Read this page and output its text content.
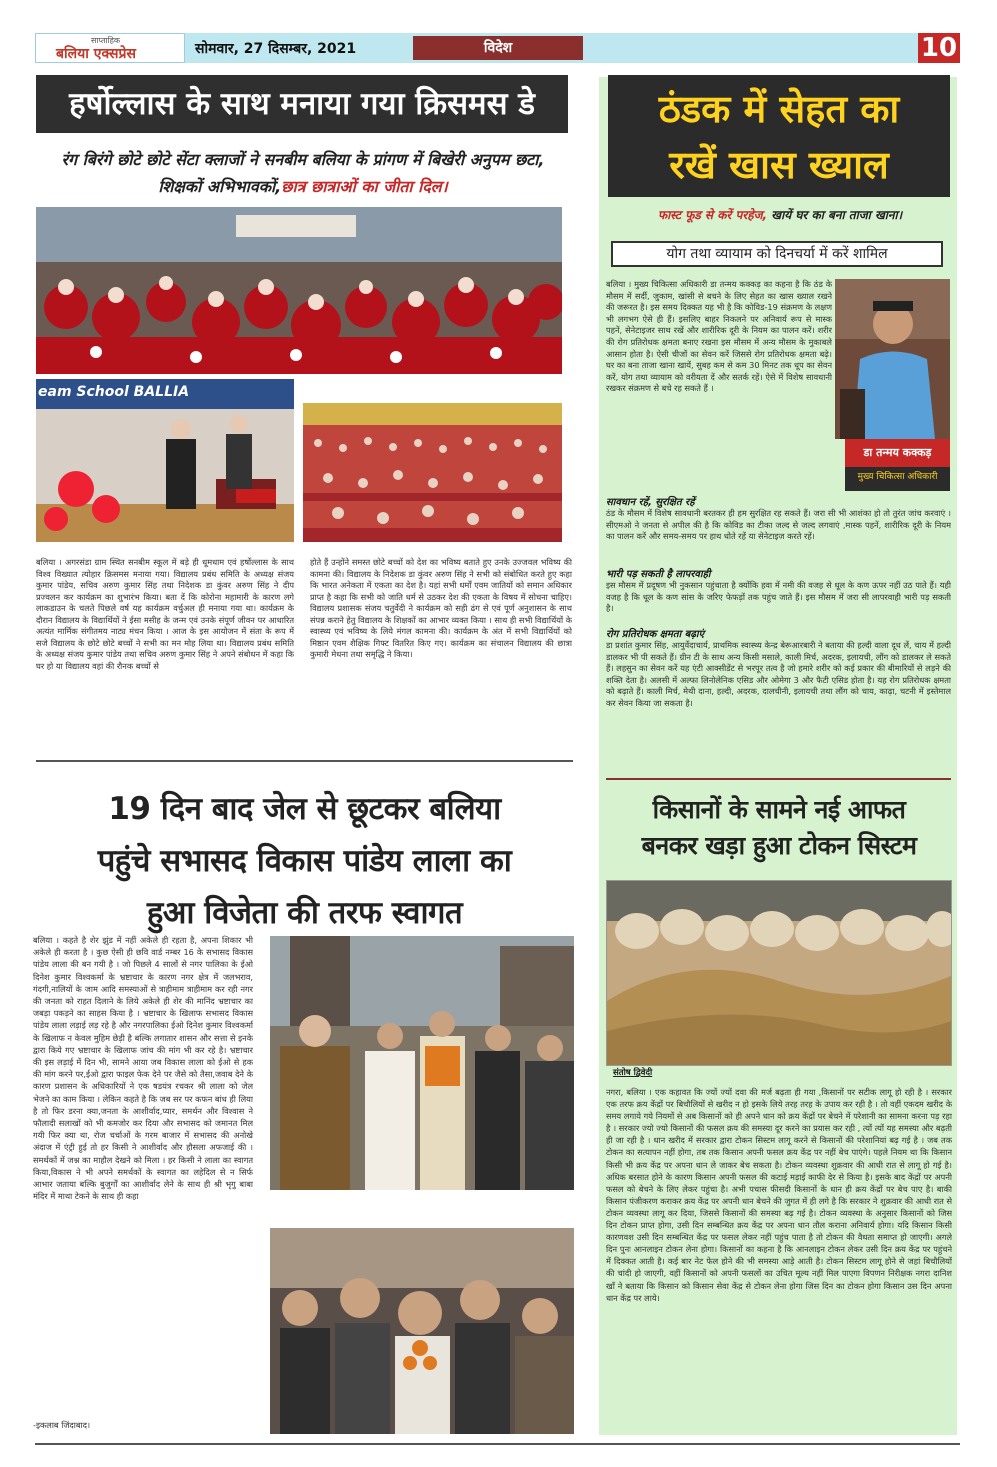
साप्ताहिक
बलिया एक्सप्रेस	सोमवार, 27 दिसम्बर, 2021	विदेश	10
हर्षोल्लास के साथ मनाया गया क्रिसमस डे
रंग बिरंगे छोटे छोटे सेंटा क्लाजों ने सनबीम बलिया के प्रांगण में बिखेरी अनुपम छटा, शिक्षकों अभिभावकों,छात्र छात्राओं का जीता दिल।
eam School BALLIA
बलिया । अगरसंडा ग्राम स्थित सनबीम स्कूल में बड़े ही धूमधाम एवं हर्षोल्लास के साथ विश्व विख्यात त्योहार क्रिसमस मनाया गया। विद्यालय प्रबंध समिति के अध्यक्ष संजय कुमार पांडेय, सचिव अरुण कुमार सिंह तथा निदेशक डा कुंवर अरुण सिंह ने दीप प्रज्वलन कर कार्यक्रम का शुभारंभ किया। बता दें कि कोरोना महामारी के कारण लगे लाकडाउन के चलते पिछले वर्ष यह कार्यक्रम वर्चुअल ही मनाया गया था। कार्यक्रम के दौरान विद्यालय के विद्यार्थियों ने ईसा मसीह के जन्म एवं उनके संपूर्ण जीवन पर आधारित अत्यंत मार्मिक संगीतमय नाट्य मंचन किया । आज के इस आयोजन में संता के रूप में सजे विद्यालय के छोटे छोटे बच्चों ने सभी का मन मोह लिया था। विद्यालय प्रबंध समिति के अध्यक्ष संजय कुमार पांडेय तथा सचिव अरुण कुमार सिंह ने अपने संबोधन में कहा कि घर हो या विद्यालय वहां की रौनक बच्चों से
होते हैं उन्होंने समस्त छोटे बच्चों को देश का भविष्य बताते हुए उनके उज्जवल भविष्य की कामना की। विद्यालय के निदेशक डा कुंवर अरुण सिंह ने सभी को संबोधित करते हुए कहा कि भारत अनेकता में एकता का देश है। यहां सभी धर्मों एवम जातियों को समान अधिकार प्राप्त है कहा कि सभी को जाति धर्म से उठकर देश की एकता के विषय में सोचना चाहिए। विद्यालय प्रशासक संजय चतुर्वेदी ने कार्यक्रम को सही ढंग से एवं पूर्ण अनुशासन के साथ संपन्न कराने हेतु विद्यालय के शिक्षकों का आभार व्यक्त किया । साथ ही सभी विद्यार्थियों के स्वास्थ्य एवं भविष्य के लिये मंगल कामना की। कार्यक्रम के अंत में सभी विद्यार्थियों को मिष्ठान एवम शैक्षिक गिफ्ट वितरित किए गए। कार्यक्रम का संचालन विद्यालय की छात्रा कुमारी मेधना तथा समृद्धि ने किया।
19 दिन बाद जेल से छूटकर बलिया
पहुंचे सभासद विकास पांडेय लाला का
हुआ विजेता की तरफ स्वागत
बलिया । कहते है शेर झुंड में नहीं अकेले ही रहता है, अपना शिकार भी अकेले ही करता है । कुछ ऐसी ही छवि वार्ड नम्बर 16 के सभासद विकास पांडेय लाला की बन गयी है । जो पिछले 4 सालों से नगर पालिका के ईओ दिनेश कुमार विश्वकर्मा के भ्रष्टाचार के कारण नगर क्षेत्र में जलभराव, गंदगी,नालियों के जाम आदि समस्याओं से त्राहीमाम त्राहीमाम कर रही नगर की जनता को राहत दिलाने के लिये अकेले ही शेर की मानिंद भ्रष्टाचार का जबड़ा पकड़ने का साहस किया है । भ्रष्टाचार के खिलाफ सभासद विकास पांडेय लाला लड़ाई लड़ रहे है और नगरपालिका ईओ दिनेश कुमार विश्वकर्मा के खिलाफ न केवल मुहिम छेड़ी है बल्कि लगातार शासन और सत्ता से इनके द्वारा किये गए भ्रष्टाचार के खिलाफ जांच की मांग भी कर रहे है। भ्रष्टाचार की इस लड़ाई में दिन भी, सामने आया जब विकास लाला को ईओ से हक की मांग करने पर,ईओ द्वारा फाइल फेक देने पर जैसे को तैसा,जवाब देने के कारण प्रशासन के अधिकारियों ने एक षडयंत्र रचकर श्री लाला को जेल भेजने का काम किया । लेकिन कहते है कि जब सर पर कफन बांध ही लिया है तो फिर डरना क्या,जनता के आशीर्वाद,प्यार, समर्थन और विश्वास ने फौलादी सलाखों को भी कमजोर कर दिया और सभासद को जमानत मिल गयी फिर क्या था, रोज चर्चाओं के गरम बाजार में सभासद की अनोखे अंदाज में एंट्री हुई तो हर किसी ने आशीर्वाद और हौसला अफजाई की । समर्थकों में जश्न का माहौल देखने को मिला । हर किसी ने लाला का स्वागत किया,विकास ने भी अपने समर्थकों के स्वागत का लहेदिल से न सिर्फ आभार जताया बल्कि बुजुर्गों का आशीर्वाद लेने के साथ ही श्री भृगु बाबा मंदिर में माथा टेकने के साथ ही कहा
-इकलाब जिंदाबाद।
ठंडक में सेहत का
रखें खास ख्याल
फास्ट फूड से करें परहेज, खायें घर का बना ताजा खाना।
योग तथा व्यायाम को दिनचर्या में करें शामिल
बलिया । मुख्य चिकित्सा अधिकारी डा तन्मय कक्कड़ का कहना है कि ठंड के मौसम में सर्दी, जुकाम, खांसी से बचने के लिए सेहत का खास ख्याल रखने की जरूरत है। इस समय दिक्कत यह भी है कि कोविड-19 संक्रमण के लक्षण भी लगभग ऐसे ही हैं। इसलिए बाहर निकलने पर अनिवार्य रूप से मास्क पहनें, सेनेटाइजर साथ रखें और शारीरिक दूरी के नियम का पालन करें। शरीर की रोग प्रतिरोधक क्षमता बनाए रखना इस मौसम में अन्य मौसम के मुकाबले आसान होता है। ऐसी चीजों का सेवन करें जिससे रोग प्रतिरोधक क्षमता बढ़े। घर का बना ताजा खाना खायें, सुबह कम से कम 30 मिनट तक धूप का सेवन करें, योग तथा व्यायाम को वरीयता दें और सतर्क रहें। ऐसे में विशेष सावधानी रखकर संक्रमण से बचे रह सकते हैं ।
डा तन्मय कक्कड़
मुख्य चिकित्सा अधिकारी
सावधान रहें, सुरक्षित रहें
ठंड के मौसम में विशेष सावधानी बरतकर ही हम सुरक्षित रह सकते हैं। जरा सी भी आशंका हो तो तुरंत जांच करवाएं । सीएमओ ने जनता से अपील की है कि कोविड का टीका जल्द से जल्द लगवाएं ,मास्क पहनें, शारीरिक दूरी के नियम का पालन करें और समय-समय पर हाथ धोते रहें या सेनेटाइज करते रहें।
भारी पड़ सकती है लापरवाही
इस मौसम में प्रदूषण भी नुकसान पहुंचाता है क्योंकि हवा में नमी की वजह से धूल के कण ऊपर नहीं उठ पाते हैं। यही वजह है कि धूल के कण सांस के जरिए फेफड़ों तक पहुंच जाते हैं। इस मौसम में जरा सी लापरवाही भारी पड़ सकती है।
रोग प्रतिरोधक क्षमता बढ़ाएं
डा प्रशांत कुमार सिंह, आयुर्वेदाचार्य, प्राथमिक स्वास्थ्य केन्द्र बेरूआरबारी ने बताया की हल्दी वाला दूध लें, चाय में हल्दी डालकर भी पी सकते हैं। ग्रीन टी के साथ अन्य किसी मसाले, काली मिर्च, अदरक, इलायची, लौंग को डालकर ले सकते हैं। लहसुन का सेवन करें यह एंटी आक्सीडेंट से भरपूर तत्व है जो हमारे शरीर को कई प्रकार की बीमारियों से लड़ने की शक्ति देता है। अलसी में अल्फा लिनोलेनिक एसिड और ओमेगा 3 और फैटी एसिड होता है। यह रोग प्रतिरोधक क्षमता को बढ़ाते हैं। काली मिर्च, मेथी दाना, हल्दी, अदरक, दालचीनी, इलायची तथा लौंग को चाय, काढ़ा, चटनी में इस्तेमाल कर सेवन किया जा सकता है।
किसानों के सामने नई आफत
बनकर खड़ा हुआ टोकन सिस्टम
संतोष द्विवेदी
नगरा, बलिया । एक कहावत कि ज्यों ज्यों दवा की मर्ज बढ़ता ही गया ,किसानों पर सटीक लागू हो रही है । सरकार एक तरफ क्रय केंद्रों पर बिचौलियों से खरीद न हो इसके लिये तरह तरह के उपाय कर रही है । तो वहीं एकदम खरीद के समय लगाये गये नियमों से अब किसानों को ही अपने धान को क्रय केंद्रों पर बेचने में परेशानी का सामना करना पड़ रहा है । सरकार ज्यो ज्यो किसानों की फसल क्रय की समस्या दूर करने का प्रयास कर रही , त्यों त्यों यह समस्या और बढ़ती ही जा रही है । धान खरीद में सरकार द्वारा टोकन सिस्टम लागू करने से किसानों की परेशानियां बढ़ गई है । जब तक टोकन का सत्यापन नहीं होगा, तब तक किसान अपनी फसल क्रय केंद्र पर नहीं बेच पाएंगे। पहले नियम था कि किसान किसी भी क्रय केंद्र पर अपना धान ले जाकर बेच सकता है। टोकन व्यवस्था शुक्रवार की आधी रात से लागू हो गई है। अधिक बरसात होने के कारण किसान अपनी फसल की कटाई मड़ाई काफी देर से किया है। इसके बाद केंद्रों पर अपनी फसल को बेचने के लिए लेकर पहुंचा है। अभी पचास फीसदी किसानों के धान ही क्रय केंद्रों पर बेच पाए है। बाकी किसान पंजीकरण कराकर क्रय केंद्र पर अपनी धान बेचने की जुगत में ही लगे है कि सरकार ने शुक्रवार की आधी रात से टोकन व्यवस्था लागू कर दिया, जिससे किसानों की समस्या बढ़ गई है। टोकन व्यवस्था के अनुसार किसानों को जिस दिन टोकन प्राप्त होगा, उसी दिन सम्बन्धित क्रय केंद्र पर अपना धान तौल कराना अनिवार्य होगा। यदि किसान किसी कारणवश उसी दिन सम्बन्धित केंद्र पर फसल लेकर नहीं पहुंच पाता है तो टोकन की वैधता समाप्त हो जाएगी। अगले दिन पुनः आनलाइन टोकन लेना होगा। किसानों का कहना है कि आनलाइन टोकन लेकर उसी दिन क्रय केंद्र पर पहुंचने में दिक्कत आती है। कई बार नेट फेल होने की भी समस्या आड़े आती है। टोकन सिस्टम लागू होने से जहां बिचौलियों की चांदी हो जाएगी, वहीं किसानों को अपनी फसलों का उचित मूल्य नहीं मिल पाएगा विपणन निरीक्षक नगरा दानिश खाँ ने बताया कि किसान को किसान सेवा केंद्र से टोकन लेना होगा जिस दिन का टोकन होगा किसान उस दिन अपना धान केंद्र पर लाये।
